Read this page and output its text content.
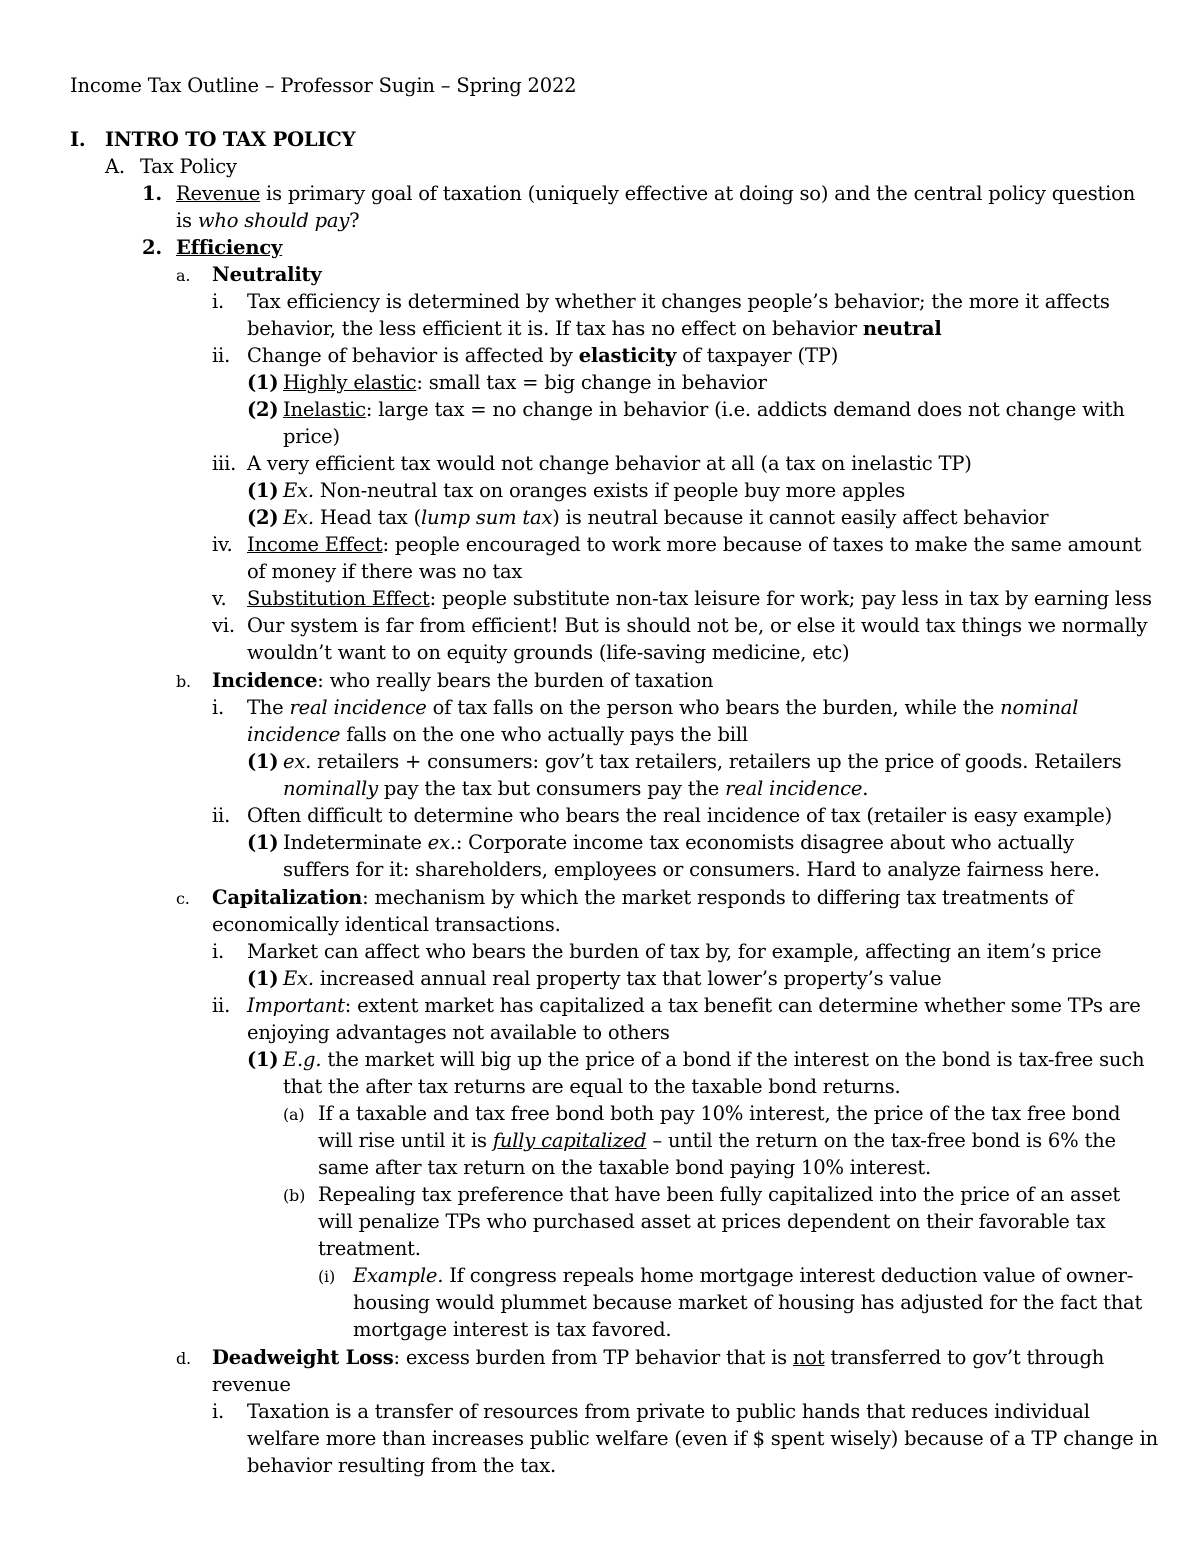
Income Tax Outline – Professor Sugin – Spring 2022
I. INTRO TO TAX POLICY
A. Tax Policy
1. Revenue is primary goal of taxation (uniquely effective at doing so) and the central policy question
is who should pay?
2. Efficiency
a. Neutrality
i. Tax efficiency is determined by whether it changes people’s behavior; the more it affects
behavior, the less efficient it is. If tax has no effect on behavior neutral
ii. Change of behavior is affected by elasticity of taxpayer (TP)
(1) Highly elastic: small tax = big change in behavior
(2) Inelastic: large tax = no change in behavior (i.e. addicts demand does not change with
price)
iii. A very efficient tax would not change behavior at all (a tax on inelastic TP)
(1) Ex. Non-neutral tax on oranges exists if people buy more apples
(2) Ex. Head tax (lump sum tax) is neutral because it cannot easily affect behavior
iv. Income Effect: people encouraged to work more because of taxes to make the same amount
of money if there was no tax
v. Substitution Effect: people substitute non-tax leisure for work; pay less in tax by earning less
vi. Our system is far from efficient! But is should not be, or else it would tax things we normally
wouldn’t want to on equity grounds (life-saving medicine, etc)
b. Incidence: who really bears the burden of taxation
i. The real incidence of tax falls on the person who bears the burden, while the nominal
incidence falls on the one who actually pays the bill
(1) ex. retailers + consumers: gov’t tax retailers, retailers up the price of goods. Retailers
nominally pay the tax but consumers pay the real incidence.
ii. Often difficult to determine who bears the real incidence of tax (retailer is easy example)
(1) Indeterminate ex.: Corporate income tax economists disagree about who actually
suffers for it: shareholders, employees or consumers. Hard to analyze fairness here.
c. Capitalization: mechanism by which the market responds to differing tax treatments of
economically identical transactions.
i. Market can affect who bears the burden of tax by, for example, affecting an item’s price
(1) Ex. increased annual real property tax that lower’s property’s value
ii. Important: extent market has capitalized a tax benefit can determine whether some TPs are
enjoying advantages not available to others
(1) E.g. the market will big up the price of a bond if the interest on the bond is tax-free such
that the after tax returns are equal to the taxable bond returns.
(a) If a taxable and tax free bond both pay 10% interest, the price of the tax free bond
will rise until it is fully capitalized – until the return on the tax-free bond is 6% the
same after tax return on the taxable bond paying 10% interest.
(b) Repealing tax preference that have been fully capitalized into the price of an asset
will penalize TPs who purchased asset at prices dependent on their favorable tax
treatment.
(i) Example. If congress repeals home mortgage interest deduction value of owner-
housing would plummet because market of housing has adjusted for the fact that
mortgage interest is tax favored.
d. Deadweight Loss: excess burden from TP behavior that is not transferred to gov’t through
revenue
i. Taxation is a transfer of resources from private to public hands that reduces individual
welfare more than increases public welfare (even if $ spent wisely) because of a TP change in
behavior resulting from the tax.
